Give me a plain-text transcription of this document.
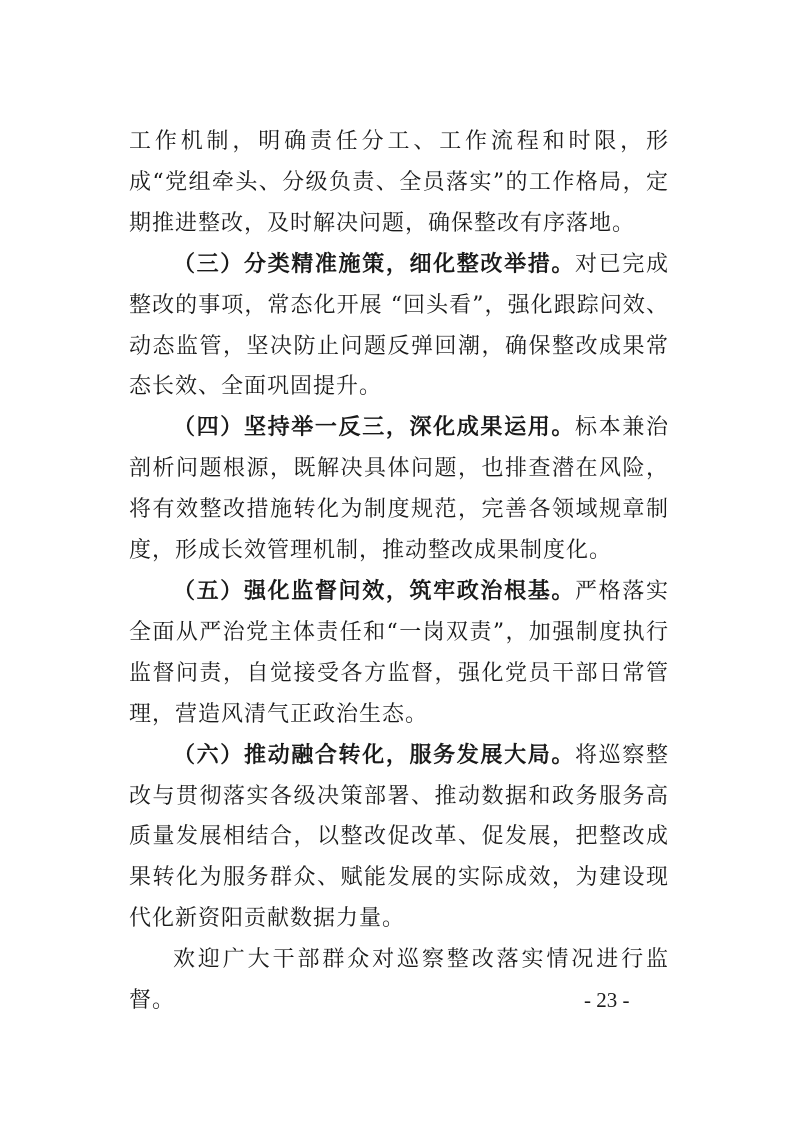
工作机制，明确责任分工、工作流程和时限，形成“党组牵头、分级负责、全员落实”的工作格局，定期推进整改，及时解决问题，确保整改有序落地。

（三）分类精准施策，细化整改举措。对已完成整改的事项，常态化开展 “回头看”，强化跟踪问效、动态监管，坚决防止问题反弹回潮，确保整改成果常态长效、全面巩固提升。

（四）坚持举一反三，深化成果运用。标本兼治剖析问题根源，既解决具体问题，也排查潜在风险，将有效整改措施转化为制度规范，完善各领域规章制度，形成长效管理机制，推动整改成果制度化。

（五）强化监督问效，筑牢政治根基。严格落实全面从严治党主体责任和“一岗双责”，加强制度执行监督问责，自觉接受各方监督，强化党员干部日常管理，营造风清气正政治生态。

（六）推动融合转化，服务发展大局。将巡察整改与贯彻落实各级决策部署、推动数据和政务服务高质量发展相结合，以整改促改革、促发展，把整改成果转化为服务群众、赋能发展的实际成效，为建设现代化新资阳贡献数据力量。

欢迎广大干部群众对巡察整改落实情况进行监督。	- 23 -
